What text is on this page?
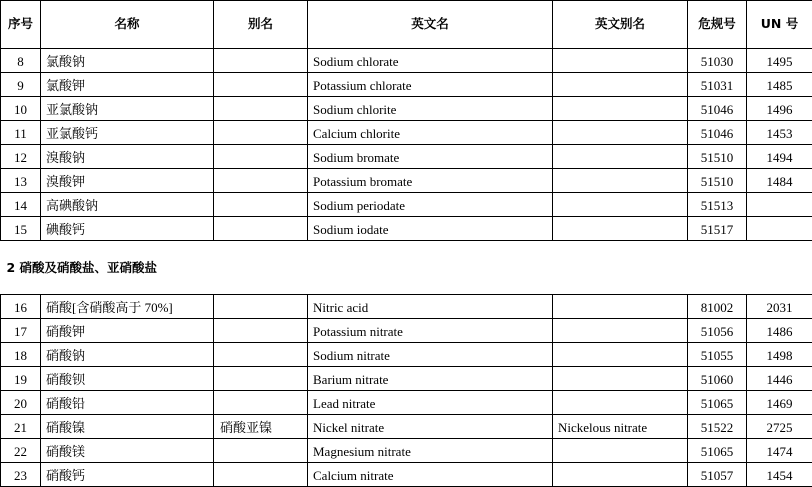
序号	名称	别名	英文名	英文别名	危规号	UN 号
8	氯酸钠		Sodium chlorate		51030	1495
9	氯酸钾		Potassium chlorate		51031	1485
10	亚氯酸钠		Sodium chlorite		51046	1496
11	亚氯酸钙		Calcium chlorite		51046	1453
12	溴酸钠		Sodium bromate		51510	1494
13	溴酸钾		Potassium bromate		51510	1484
14	高碘酸钠		Sodium periodate		51513	
15	碘酸钙		Sodium iodate		51517	
2 硝酸及硝酸盐、亚硝酸盐						
16	硝酸[含硝酸高于 70%]		Nitric acid		81002	2031
17	硝酸钾		Potassium nitrate		51056	1486
18	硝酸钠		Sodium nitrate		51055	1498
19	硝酸钡		Barium nitrate		51060	1446
20	硝酸铅		Lead nitrate		51065	1469
21	硝酸镍	硝酸亚镍	Nickel nitrate	Nickelous nitrate	51522	2725
22	硝酸镁		Magnesium nitrate		51065	1474
23	硝酸钙		Calcium nitrate		51057	1454
